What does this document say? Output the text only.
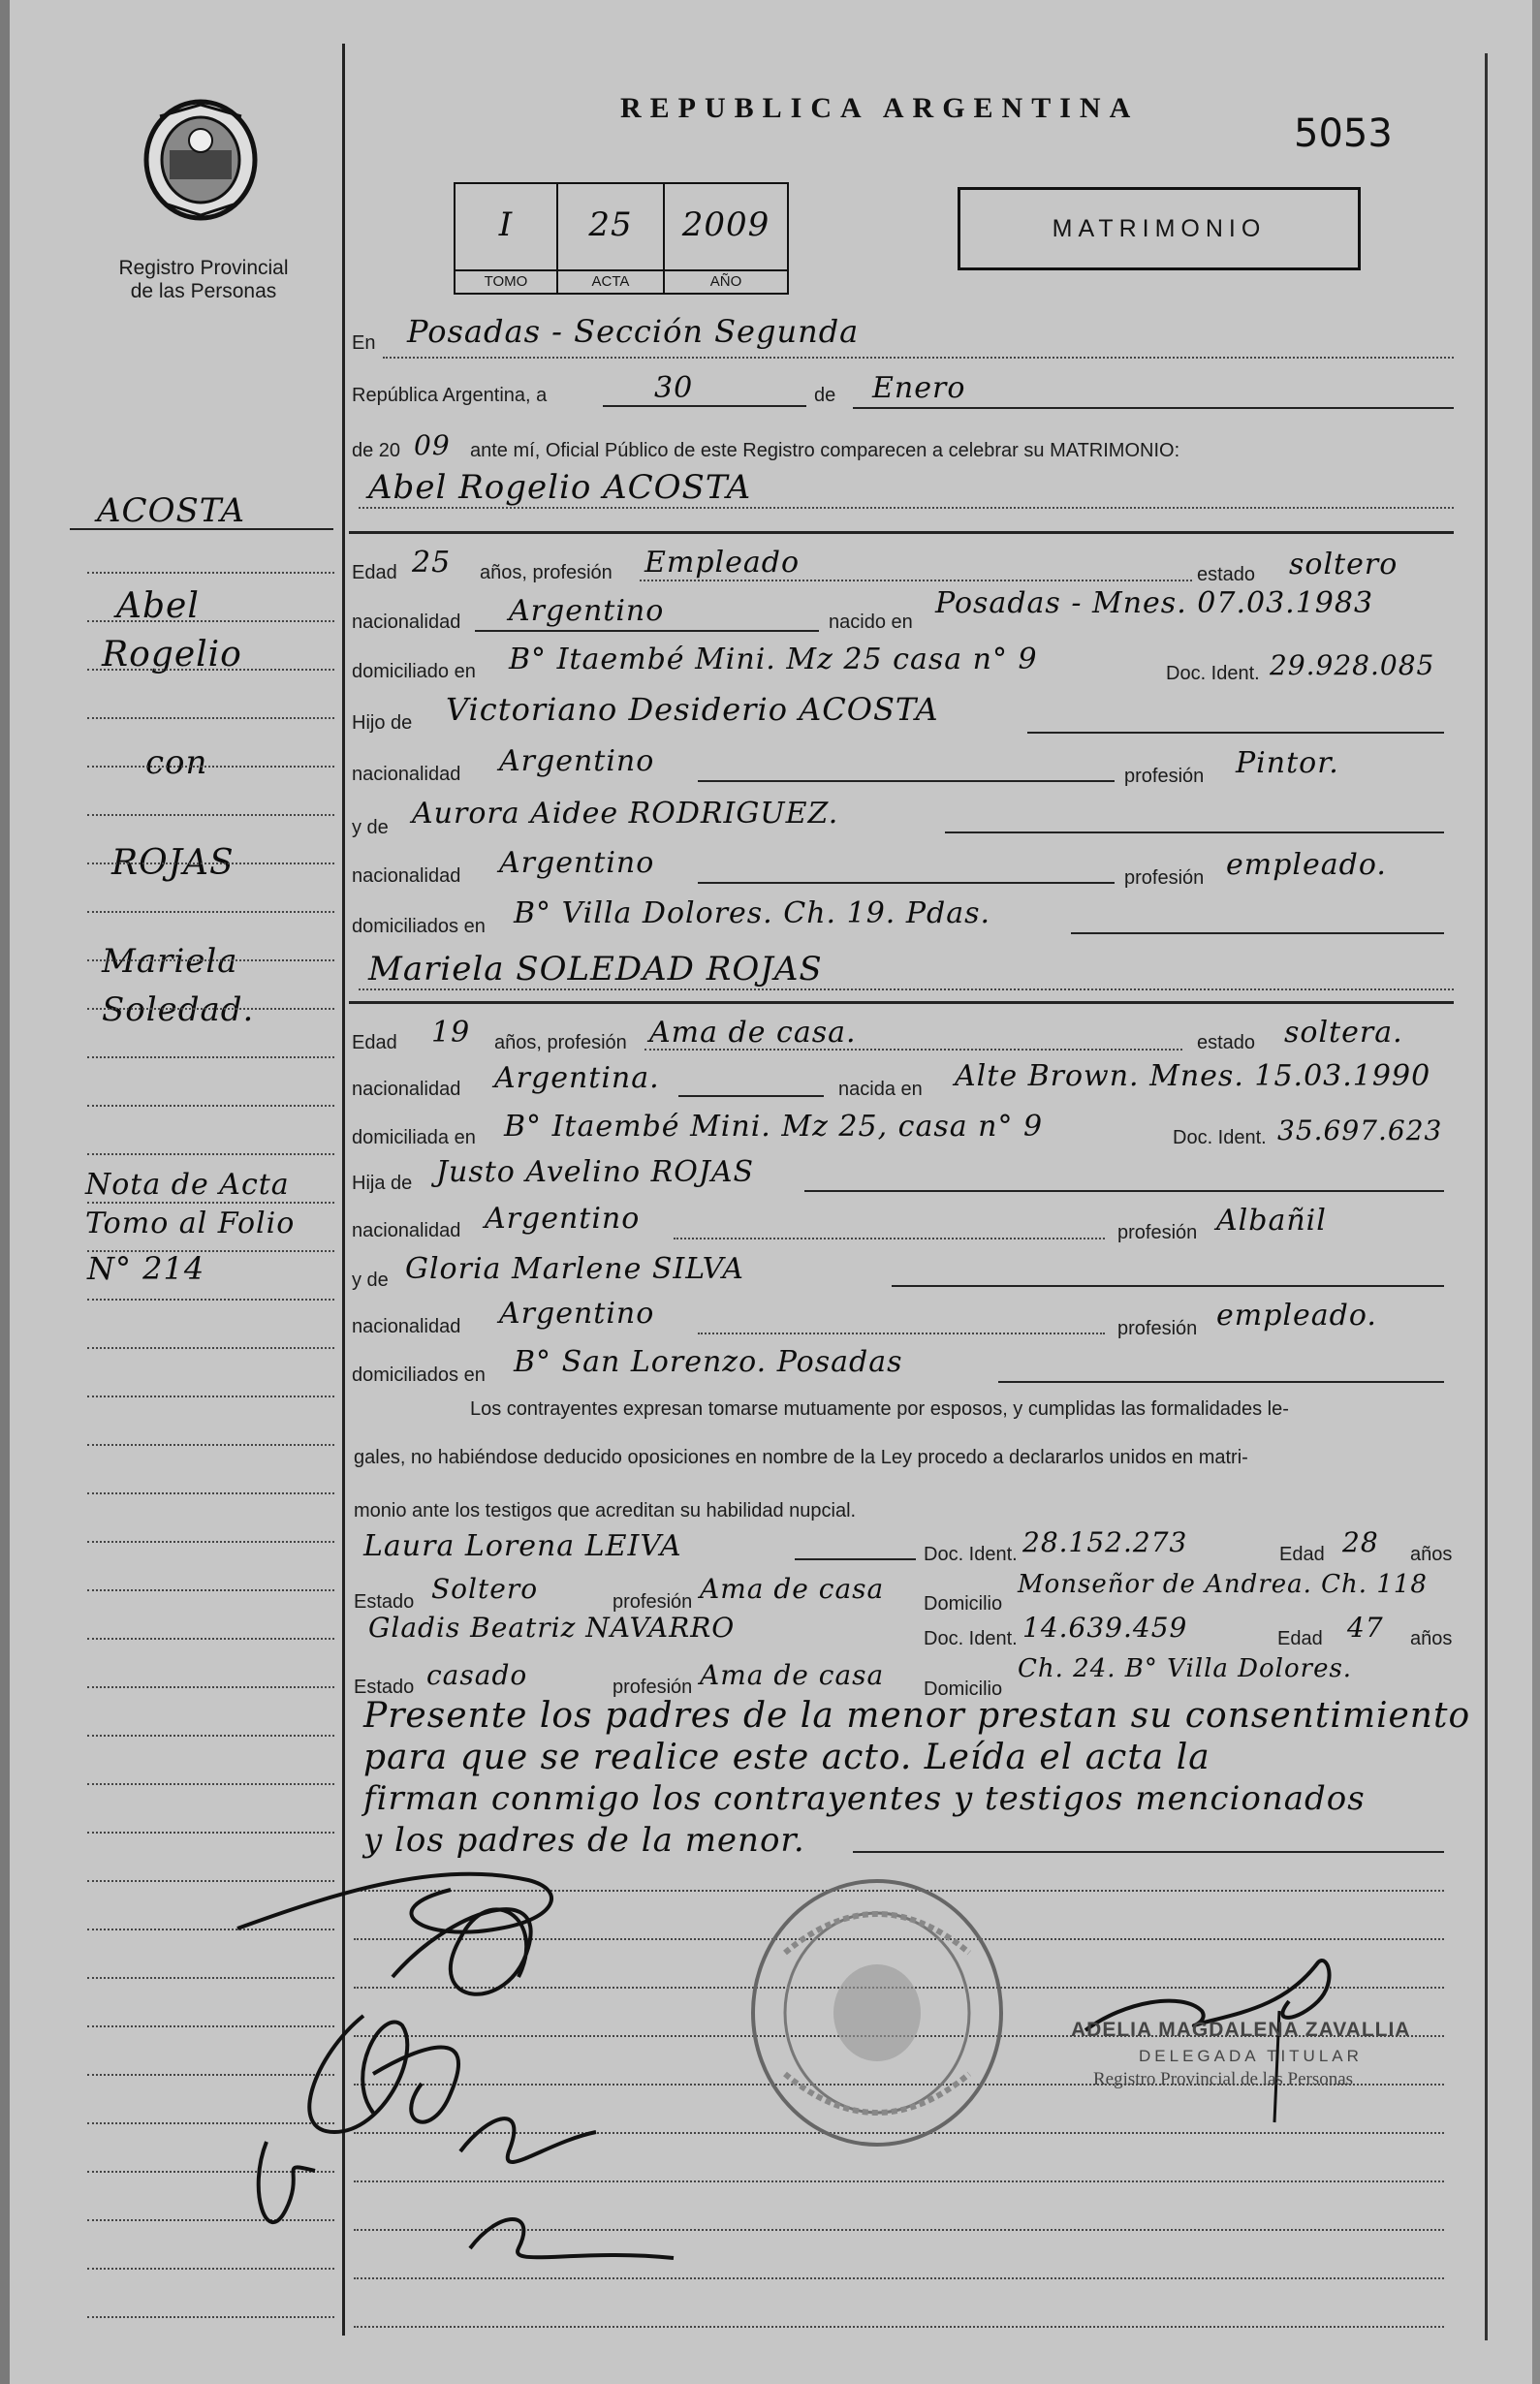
Registro Provincial
de las Personas
REPUBLICA ARGENTINA
5053
I
TOMO
25
ACTA
2009
AÑO
MATRIMONIO
ACOSTA
Abel
Rogelio
con
ROJAS
Mariela
Soledad.
Nota de Acta
Tomo al Folio
N° 214
En Posadas - Sección Segunda
República Argentina, a	30	de Enero
de 20 09 ante mí, Oficial Público de este Registro comparecen a celebrar su MATRIMONIO:
Abel Rogelio ACOSTA
Edad 25 años, profesión Empleado	estado soltero
nacionalidad Argentino	nacido en
Posadas - Mnes. 07.03.1983
domiciliado en B° Itaembé Mini. Mz 25 casa n° 9	Doc. Ident. 29.928.085
Hijo de Victoriano Desiderio ACOSTA
nacionalidad Argentino	profesión Pintor.
y de Aurora Aidee RODRIGUEZ.
nacionalidad Argentino	profesión empleado.
domiciliados en B° Villa Dolores. Ch. 19. Pdas.
Mariela SOLEDAD ROJAS
Edad 19 años, profesión Ama de casa.	estado soltera.
nacionalidad Argentina.	nacida en Alte Brown. Mnes. 15.03.1990
domiciliada en B° Itaembé Mini. Mz 25, casa n° 9	Doc. Ident. 35.697.623
Hija de Justo Avelino ROJAS
nacionalidad Argentino	profesión Albañil
y de Gloria Marlene SILVA
nacionalidad Argentino	profesión empleado.
domiciliados en B° San Lorenzo. Posadas
Los contrayentes expresan tomarse mutuamente por esposos, y cumplidas las formalidades le-
gales, no habiéndose deducido oposiciones en nombre de la Ley procedo a declararlos unidos en matri-
monio ante los testigos que acreditan su habilidad nupcial.
Laura Lorena LEIVA	Doc. Ident. 28.152.273	Edad 28 años
Estado Soltero	profesión Ama de casa Domicilio
Monseñor de Andrea. Ch. 118
Gladis Beatriz NAVARRO	Doc. Ident. 14.639.459	Edad 47 años
Estado casado	profesión Ama de casa Domicilio
Ch. 24. B° Villa Dolores.
Presente los padres de la menor prestan su consentimiento
para que se realice este acto. Leída el acta la
firman conmigo los contrayentes y testigos mencionados
y los padres de la menor.
ADELIA MAGDALENA ZAVALLIA
DELEGADA TITULAR
Registro Provincial de las Personas
